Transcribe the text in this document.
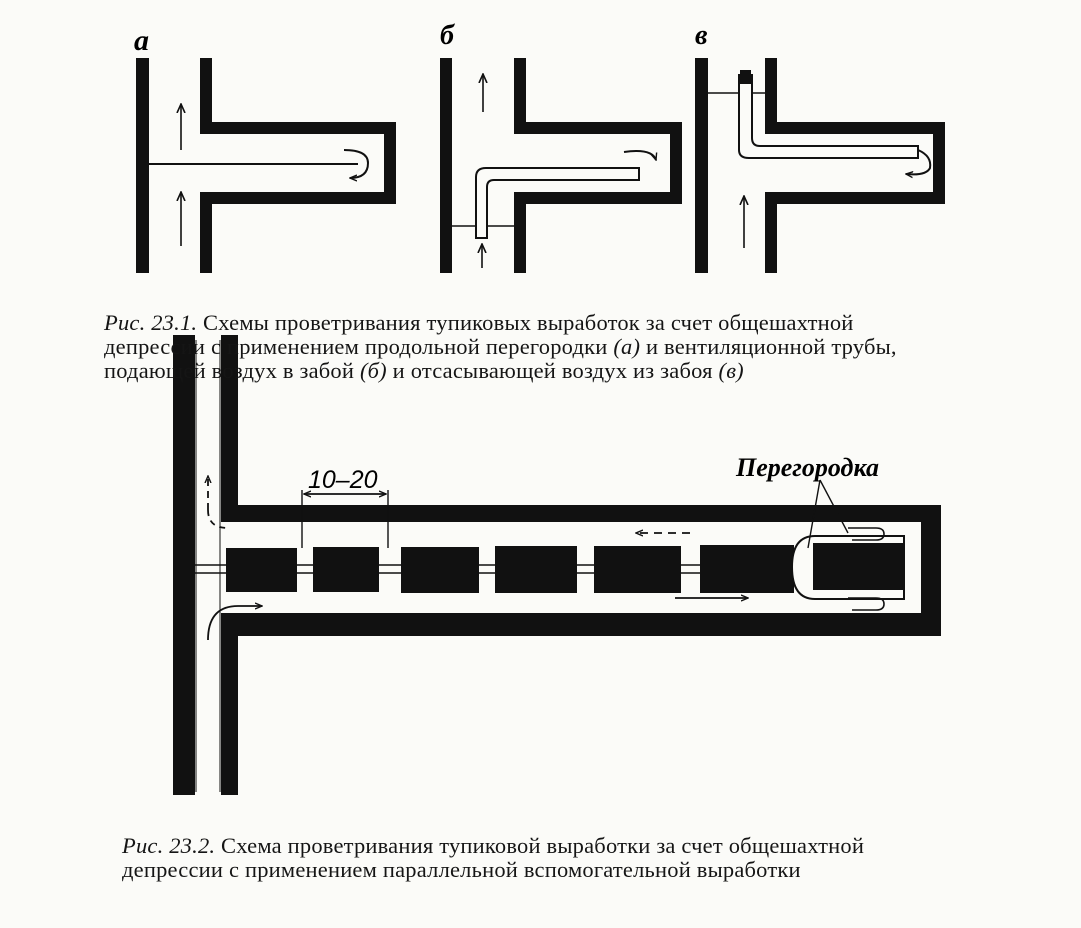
а	б	в
10–20	Перегородка
Рис. 23.1. Схемы проветривания тупиковых выработок за счет общешахтной
депрессии с применением продольной перегородки (а) и вентиляционной трубы,
подающей воздух в забой (б) и отсасывающей воздух из забоя (в)
Рис. 23.2. Схема проветривания тупиковой выработки за счет общешахтной
депрессии с применением параллельной вспомогательной выработки
